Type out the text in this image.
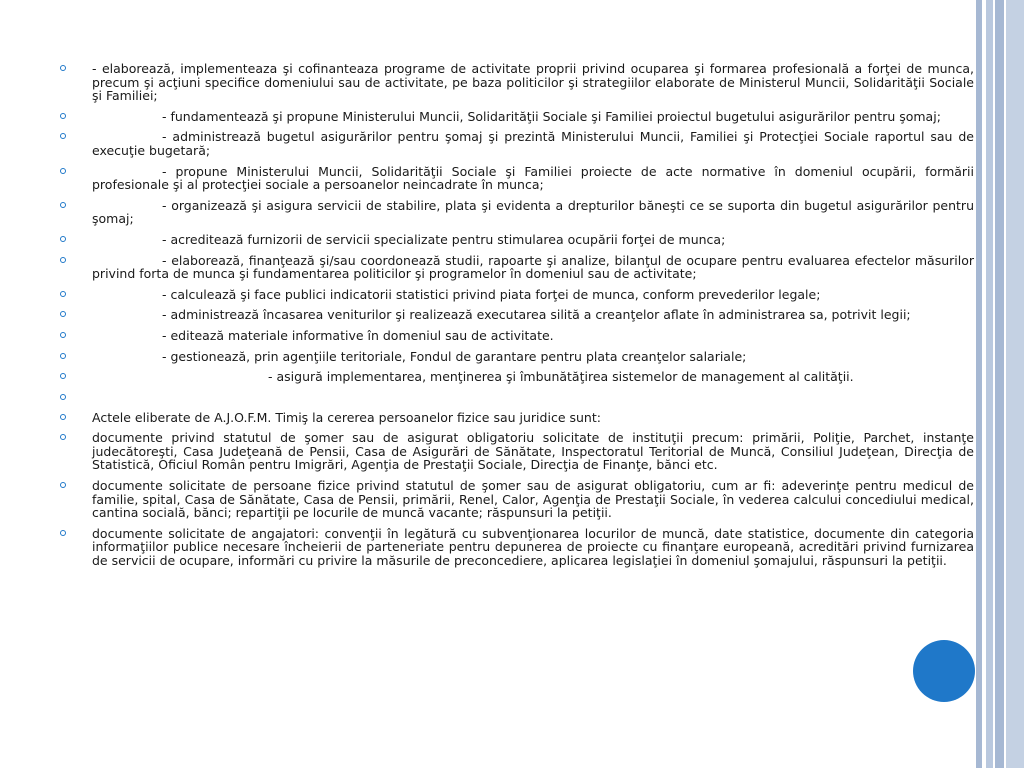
- elaborează, implementeaza şi cofinanteaza programe de activitate proprii privind ocuparea şi formarea profesională a forţei de munca, precum şi acţiuni specifice domeniului sau de activitate, pe baza politicilor şi strategiilor elaborate de Ministerul Muncii, Solidarităţii Sociale şi Familiei;
- fundamentează şi propune Ministerului Muncii, Solidarităţii Sociale şi Familiei proiectul bugetului asigurărilor pentru şomaj;
- administrează bugetul asigurărilor pentru şomaj şi prezintă Ministerului Muncii, Familiei şi Protecţiei Sociale raportul sau de execuţie bugetară;
- propune Ministerului Muncii, Solidarităţii Sociale şi Familiei proiecte de acte normative în domeniul ocupării, formării profesionale şi al protecţiei sociale a persoanelor neincadrate în munca;
- organizează şi asigura servicii de stabilire, plata şi evidenta a drepturilor băneşti ce se suporta din bugetul asigurărilor pentru şomaj;
- acreditează furnizorii de servicii specializate pentru stimularea ocupării forţei de munca;
- elaborează, finanţează şi/sau coordonează studii, rapoarte şi analize, bilanţul de ocupare pentru evaluarea efectelor măsurilor privind forta de munca şi fundamentarea politicilor şi programelor în domeniul sau de activitate;
- calculează şi face publici indicatorii statistici privind piata forţei de munca, conform prevederilor legale;
- administrează încasarea veniturilor şi realizează executarea silită a creanţelor aflate în administrarea sa, potrivit legii;
- editează materiale informative în domeniul sau de activitate.
- gestionează, prin agenţiile teritoriale, Fondul de garantare pentru plata creanţelor salariale;
- asigură implementarea, menţinerea şi îmbunătăţirea sistemelor de management al calităţii.
Actele eliberate de A.J.O.F.M. Timiş la cererea persoanelor fizice sau juridice sunt:
documente privind statutul de şomer sau de asigurat obligatoriu solicitate de instituţii precum: primării, Poliţie, Parchet, instanţe judecătoreşti, Casa Judeţeană de Pensii, Casa de Asigurări de Sănătate, Inspectoratul Teritorial de Muncă, Consiliul Judeţean, Direcţia de Statistică, Oficiul Român pentru Imigrări, Agenţia de Prestaţii Sociale, Direcţia de Finanţe, bănci etc.
documente solicitate de persoane fizice privind statutul de şomer sau de asigurat obligatoriu, cum ar fi: adeverinţe pentru medicul de familie, spital, Casa de Sănătate, Casa de Pensii, primării, Renel, Calor, Agenţia de Prestaţii Sociale, în vederea calcului concediului medical, cantina socială, bănci; repartiţii pe locurile de muncă vacante; răspunsuri la petiţii.
documente solicitate de angajatori: convenţii în legătură cu subvenţionarea locurilor de muncă, date statistice, documente din categoria informaţiilor publice necesare încheierii de parteneriate pentru depunerea de proiecte cu finanţare europeană, acreditări privind furnizarea de servicii de ocupare, informări cu privire la măsurile de preconcediere, aplicarea legislaţiei în domeniul şomajului, răspunsuri la petiţii.
